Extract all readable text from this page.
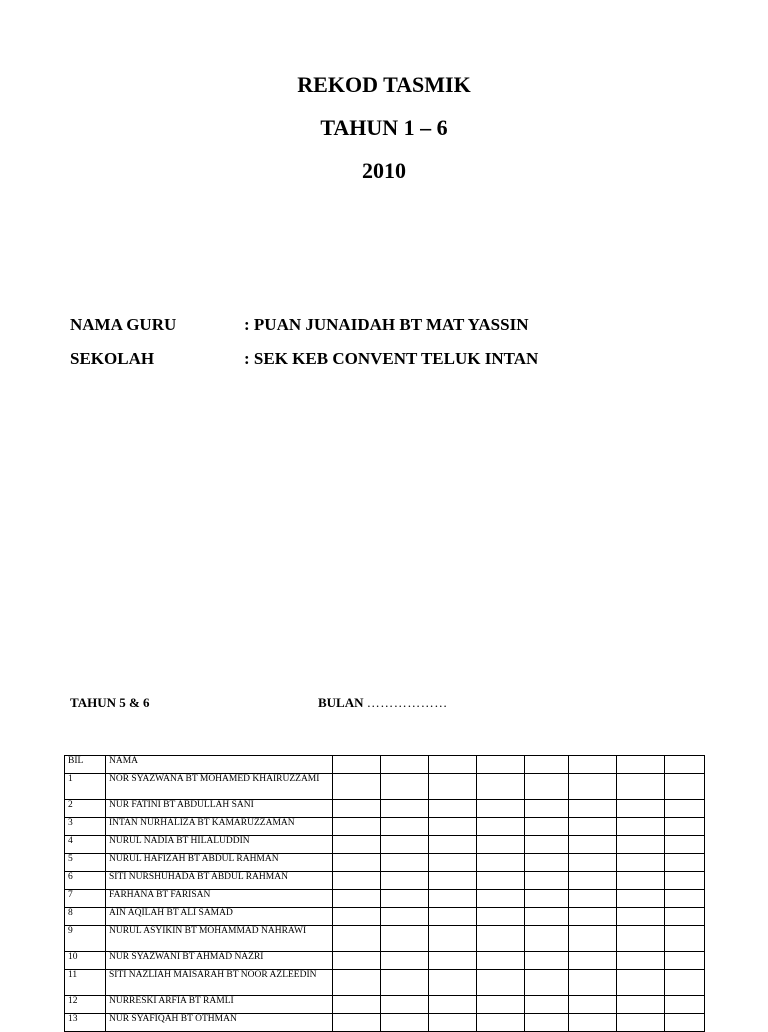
REKOD TASMIK
TAHUN 1 – 6
2010
NAMA GURU	: PUAN JUNAIDAH BT MAT YASSIN
SEKOLAH	: SEK KEB CONVENT TELUK INTAN
TAHUN 5 & 6	BULAN ………………
BIL	NAMA								
1	NOR SYAZWANA BT MOHAMED KHAIRUZZAMI								
2	NUR FATINI BT ABDULLAH SANI								
3	INTAN NURHALIZA BT KAMARUZZAMAN								
4	NURUL NADIA BT HILALUDDIN								
5	NURUL HAFIZAH BT ABDUL RAHMAN								
6	SITI NURSHUHADA BT ABDUL RAHMAN								
7	FARHANA BT FARISAN								
8	AIN AQILAH BT ALI SAMAD								
9	NURUL ASYIKIN BT MOHAMMAD NAHRAWI								
10	NUR SYAZWANI BT AHMAD NAZRI								
11	SITI NAZLIAH MAISARAH BT NOOR AZLEEDIN								
12	NURRESKI ARFIA BT RAMLI								
13	NUR SYAFIQAH BT OTHMAN								
